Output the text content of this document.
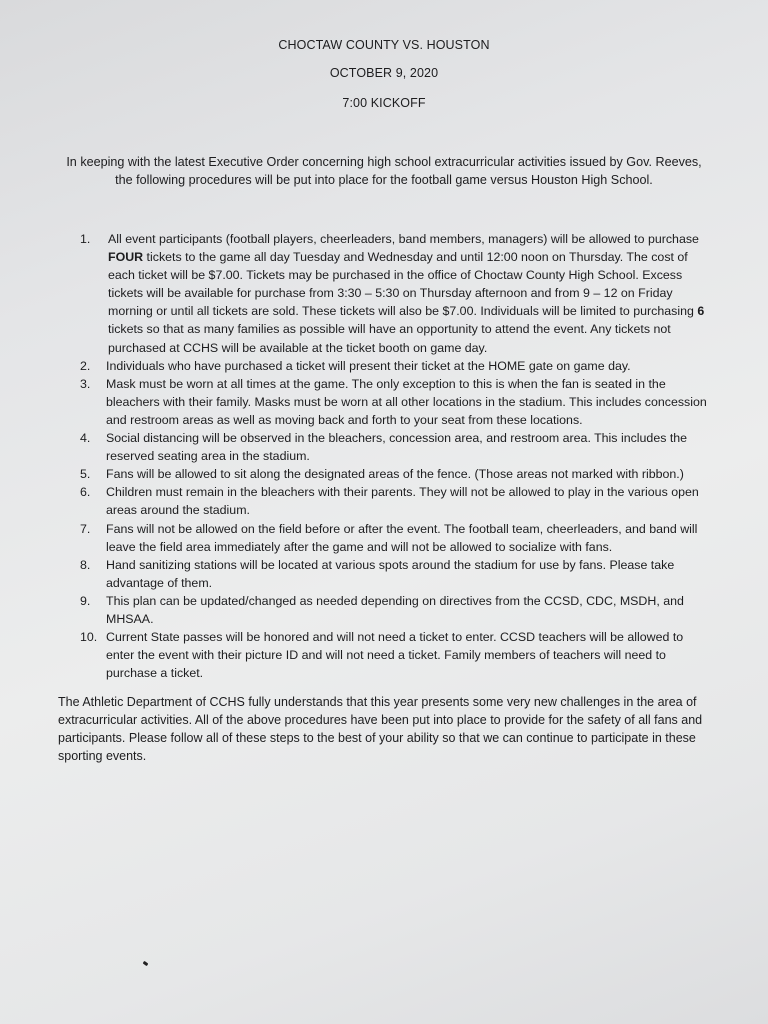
CHOCTAW COUNTY VS. HOUSTON
OCTOBER 9, 2020
7:00 KICKOFF
In keeping with the latest Executive Order concerning high school extracurricular activities issued by Gov. Reeves, the following procedures will be put into place for the football game versus Houston High School.
1. All event participants (football players, cheerleaders, band members, managers) will be allowed to purchase FOUR tickets to the game all day Tuesday and Wednesday and until 12:00 noon on Thursday. The cost of each ticket will be $7.00. Tickets may be purchased in the office of Choctaw County High School. Excess tickets will be available for purchase from 3:30 – 5:30 on Thursday afternoon and from 9 – 12 on Friday morning or until all tickets are sold. These tickets will also be $7.00. Individuals will be limited to purchasing 6 tickets so that as many families as possible will have an opportunity to attend the event. Any tickets not purchased at CCHS will be available at the ticket booth on game day.
2. Individuals who have purchased a ticket will present their ticket at the HOME gate on game day.
3. Mask must be worn at all times at the game. The only exception to this is when the fan is seated in the bleachers with their family. Masks must be worn at all other locations in the stadium. This includes concession and restroom areas as well as moving back and forth to your seat from these locations.
4. Social distancing will be observed in the bleachers, concession area, and restroom area. This includes the reserved seating area in the stadium.
5. Fans will be allowed to sit along the designated areas of the fence. (Those areas not marked with ribbon.)
6. Children must remain in the bleachers with their parents. They will not be allowed to play in the various open areas around the stadium.
7. Fans will not be allowed on the field before or after the event. The football team, cheerleaders, and band will leave the field area immediately after the game and will not be allowed to socialize with fans.
8. Hand sanitizing stations will be located at various spots around the stadium for use by fans. Please take advantage of them.
9. This plan can be updated/changed as needed depending on directives from the CCSD, CDC, MSDH, and MHSAA.
10. Current State passes will be honored and will not need a ticket to enter. CCSD teachers will be allowed to enter the event with their picture ID and will not need a ticket. Family members of teachers will need to purchase a ticket.
The Athletic Department of CCHS fully understands that this year presents some very new challenges in the area of extracurricular activities. All of the above procedures have been put into place to provide for the safety of all fans and participants. Please follow all of these steps to the best of your ability so that we can continue to participate in these sporting events.
